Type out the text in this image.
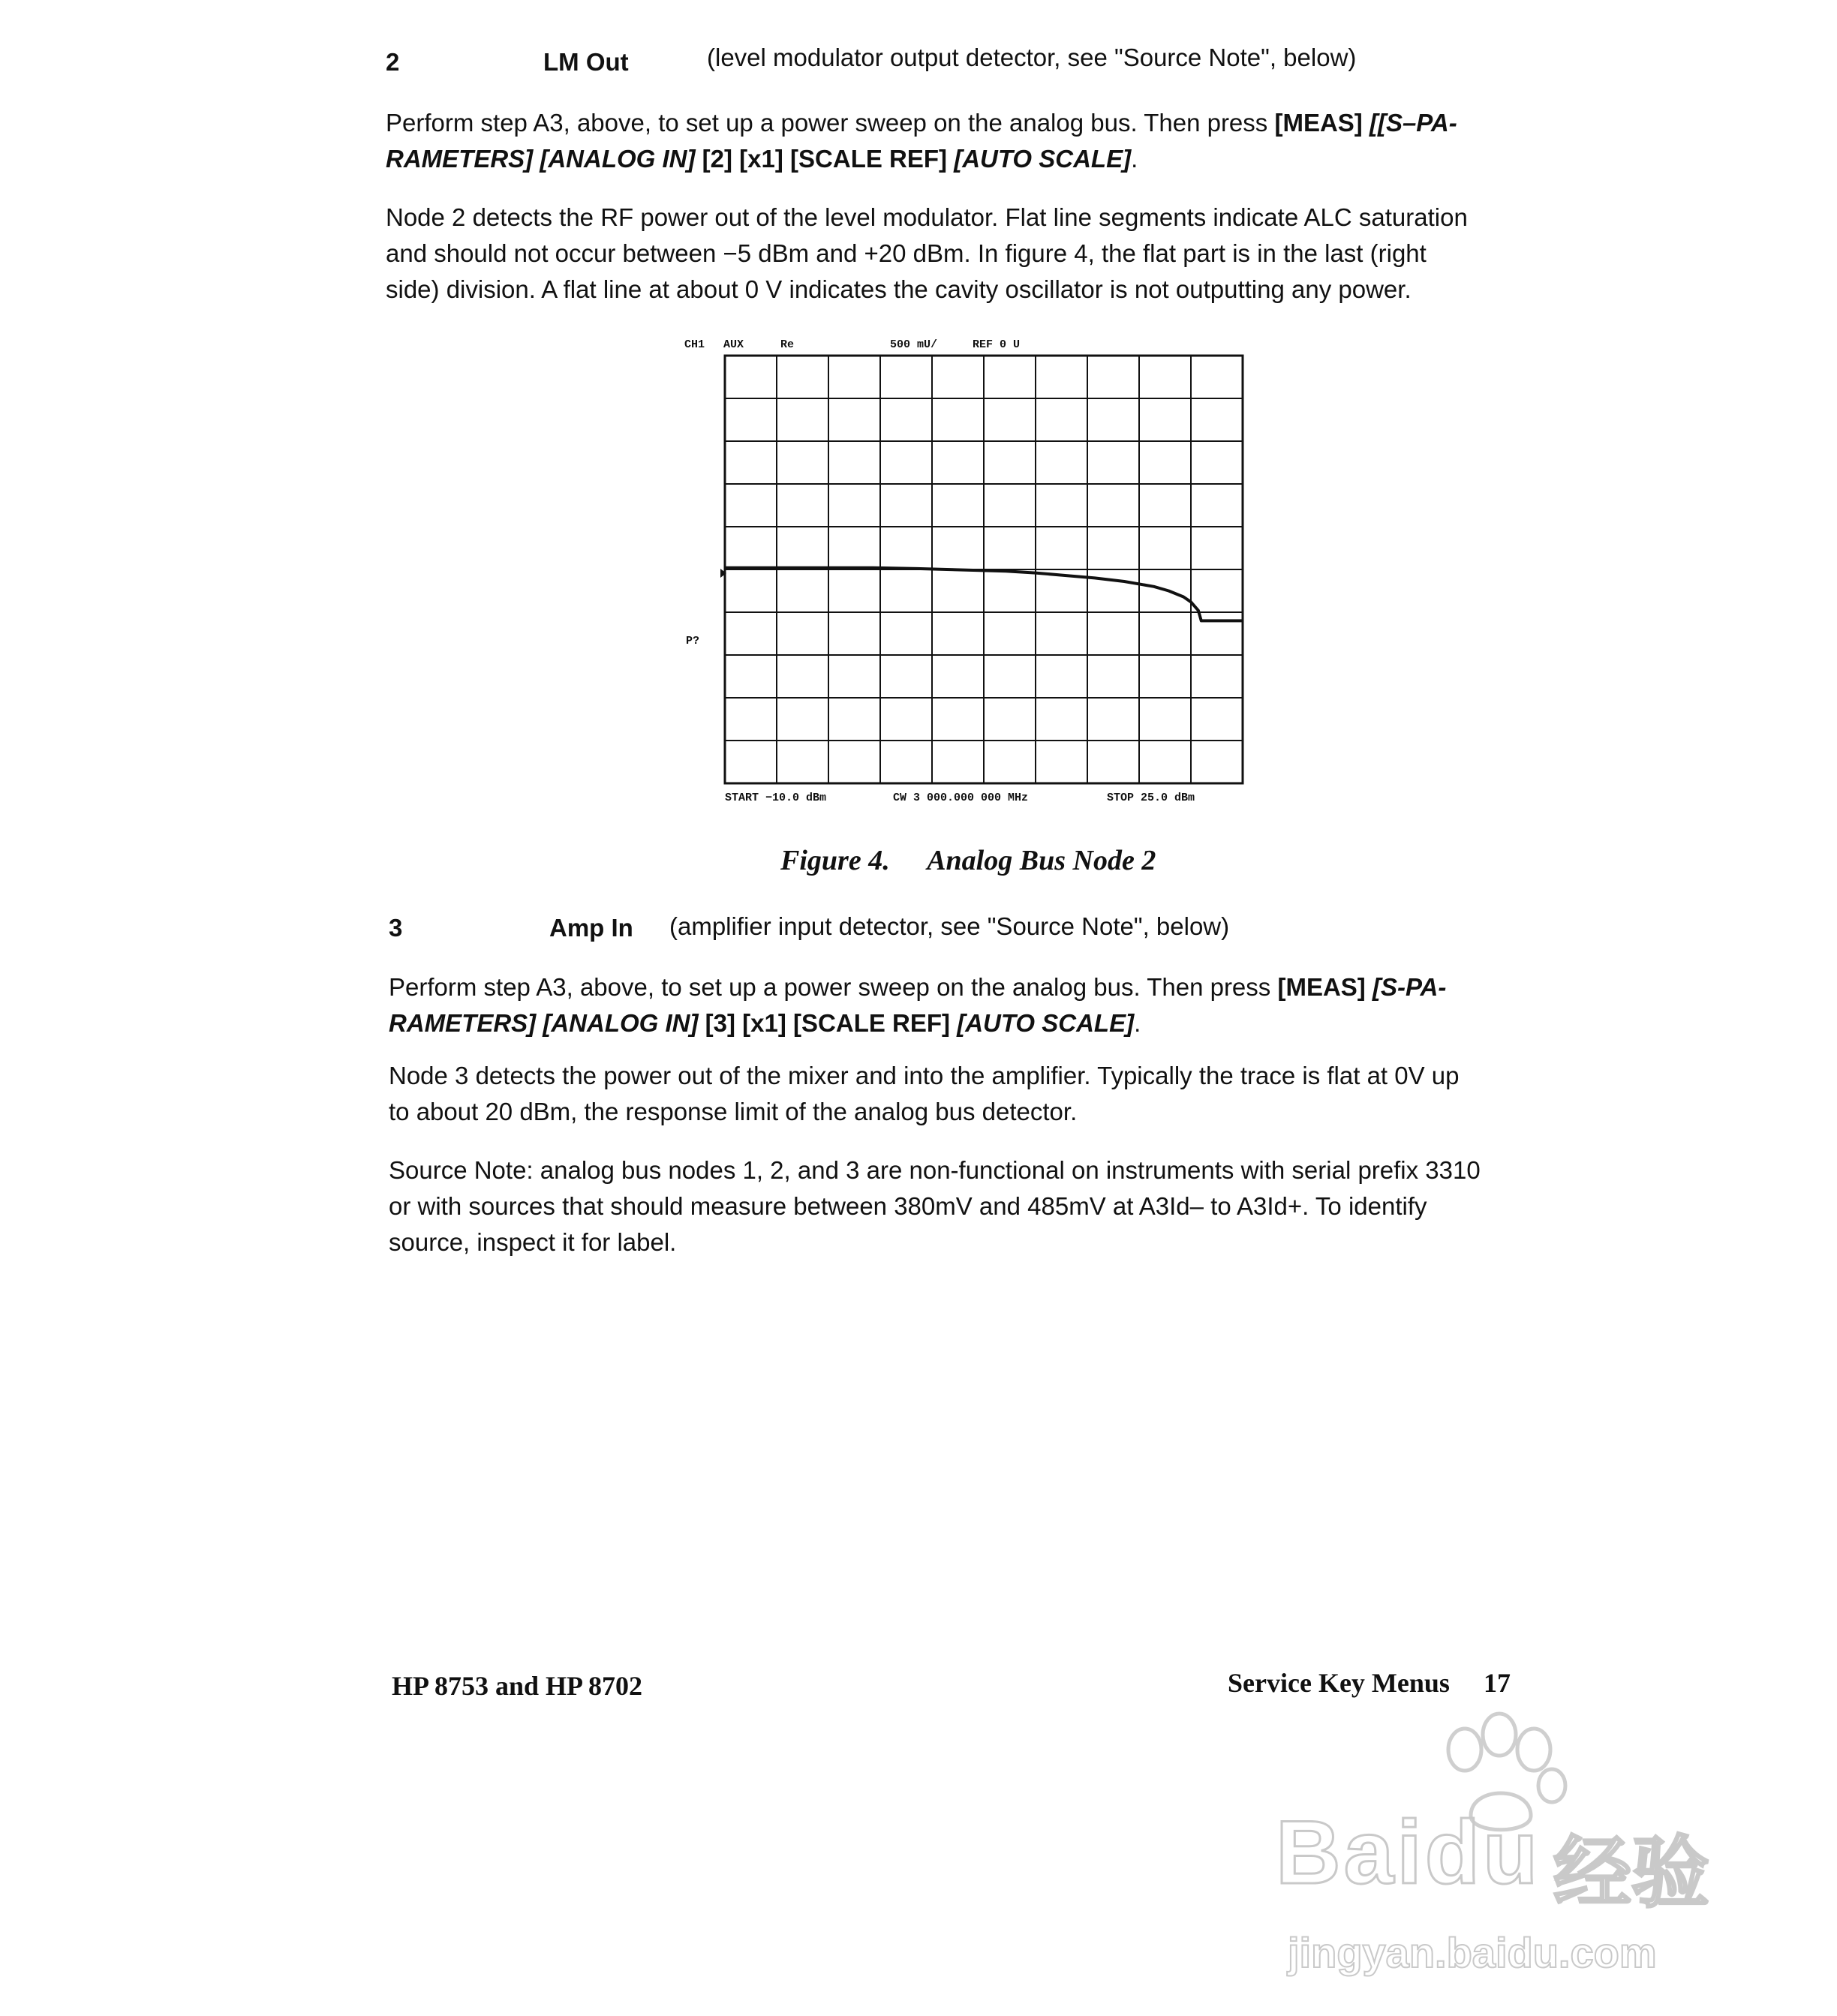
2	LM Out	(level modulator output detector, see "Source Note", below)
Perform step A3, above, to set up a power sweep on the analog bus. Then press [MEAS] [[S–PA-
RAMETERS] [ANALOG IN] [2] [x1] [SCALE REF] [AUTO SCALE].
Node 2 detects the RF power out of the level modulator. Flat line segments indicate ALC saturation
and should not occur between −5 dBm and +20 dBm. In figure 4, the flat part is in the last (right
side) division. A flat line at about 0 V indicates the cavity oscillator is not outputting any power.
CH1 AUX	Re	500 mU/	REF 0 U
P?
START −10.0 dBm	CW 3 000.000 000 MHz	STOP 25.0 dBm
Figure 4. Analog Bus Node 2
3	Amp In (amplifier input detector, see "Source Note", below)
Perform step A3, above, to set up a power sweep on the analog bus. Then press [MEAS] [S-PA-
RAMETERS] [ANALOG IN] [3] [x1] [SCALE REF] [AUTO SCALE].
Node 3 detects the power out of the mixer and into the amplifier. Typically the trace is flat at 0V up
to about 20 dBm, the response limit of the analog bus detector.
Source Note: analog bus nodes 1, 2, and 3 are non-functional on instruments with serial prefix 3310
or with sources that should measure between 380mV and 485mV at A3Id– to A3Id+. To identify
source, inspect it for label.
HP 8753 and HP 8702	Service Key Menus 17
Baidu 经验
jingyan.baidu.com
